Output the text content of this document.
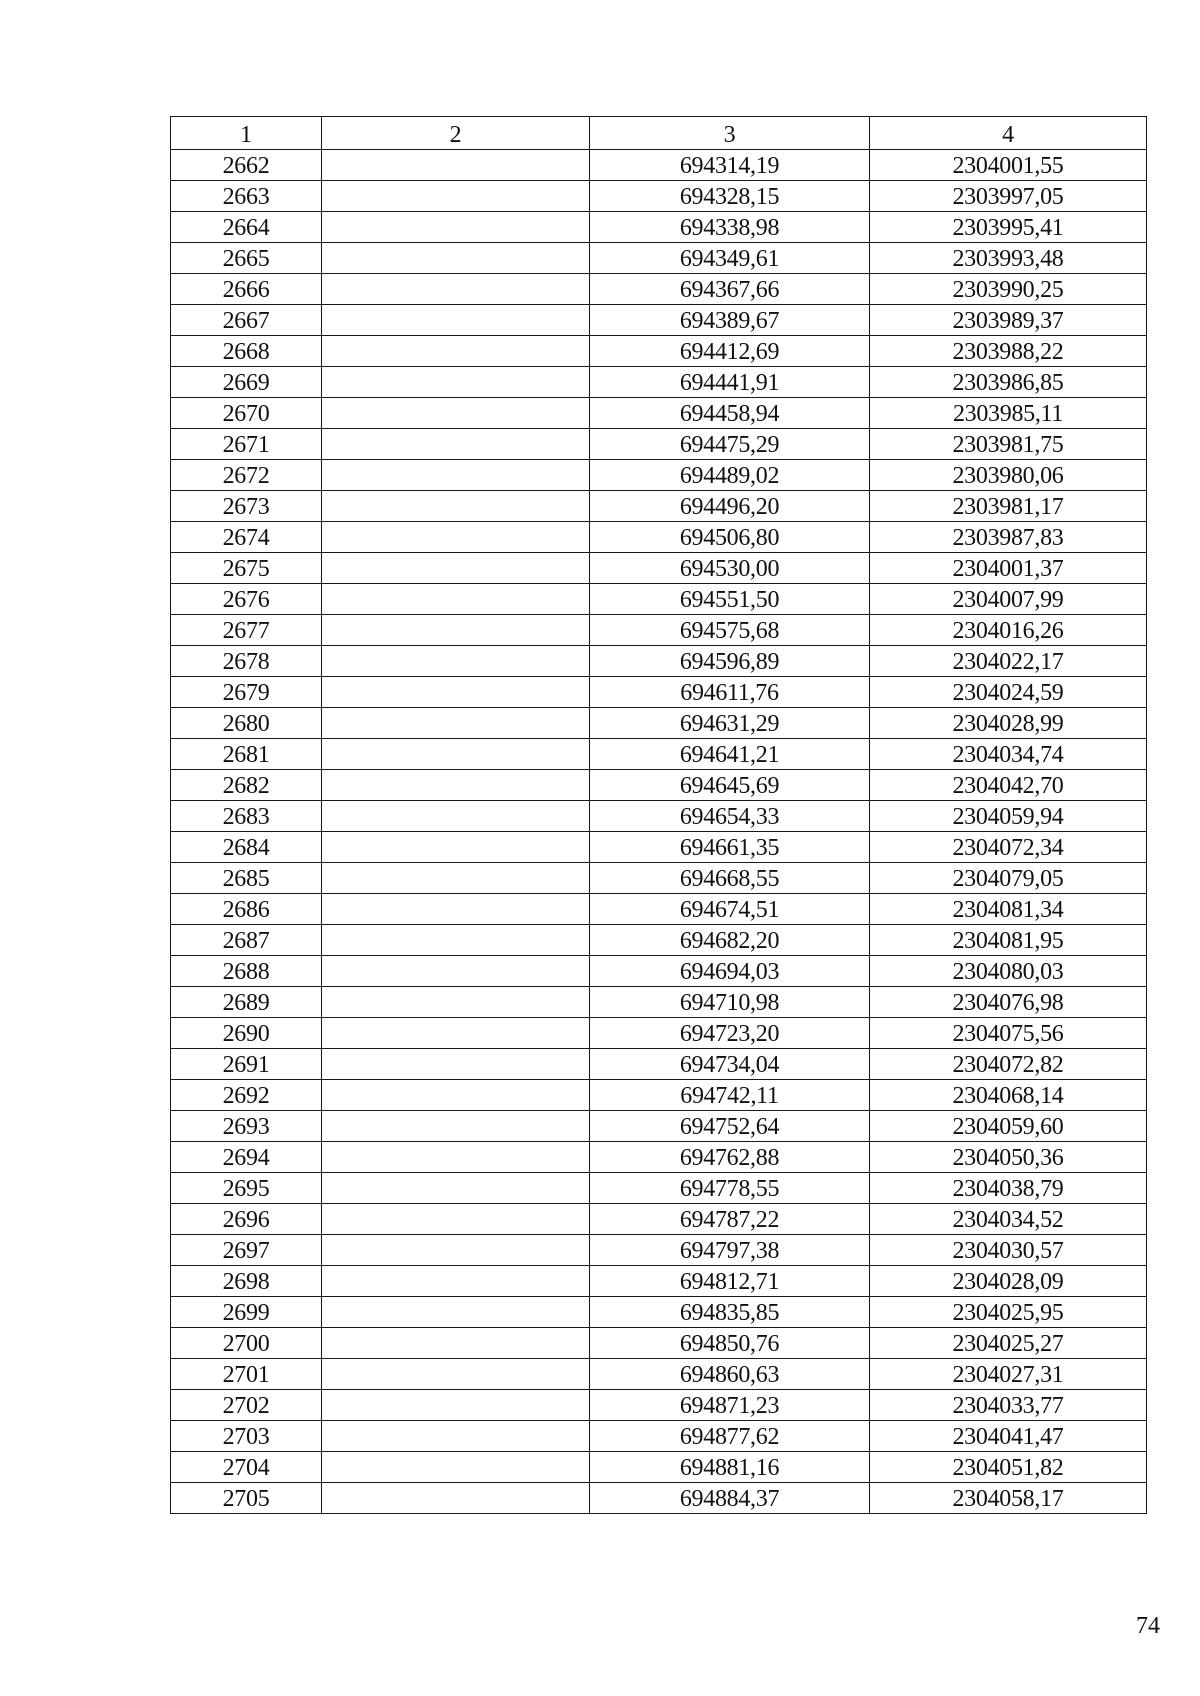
1	2	3	4
2662		694314,19	2304001,55
2663		694328,15	2303997,05
2664		694338,98	2303995,41
2665		694349,61	2303993,48
2666		694367,66	2303990,25
2667		694389,67	2303989,37
2668		694412,69	2303988,22
2669		694441,91	2303986,85
2670		694458,94	2303985,11
2671		694475,29	2303981,75
2672		694489,02	2303980,06
2673		694496,20	2303981,17
2674		694506,80	2303987,83
2675		694530,00	2304001,37
2676		694551,50	2304007,99
2677		694575,68	2304016,26
2678		694596,89	2304022,17
2679		694611,76	2304024,59
2680		694631,29	2304028,99
2681		694641,21	2304034,74
2682		694645,69	2304042,70
2683		694654,33	2304059,94
2684		694661,35	2304072,34
2685		694668,55	2304079,05
2686		694674,51	2304081,34
2687		694682,20	2304081,95
2688		694694,03	2304080,03
2689		694710,98	2304076,98
2690		694723,20	2304075,56
2691		694734,04	2304072,82
2692		694742,11	2304068,14
2693		694752,64	2304059,60
2694		694762,88	2304050,36
2695		694778,55	2304038,79
2696		694787,22	2304034,52
2697		694797,38	2304030,57
2698		694812,71	2304028,09
2699		694835,85	2304025,95
2700		694850,76	2304025,27
2701		694860,63	2304027,31
2702		694871,23	2304033,77
2703		694877,62	2304041,47
2704		694881,16	2304051,82
2705		694884,37	2304058,17
74
